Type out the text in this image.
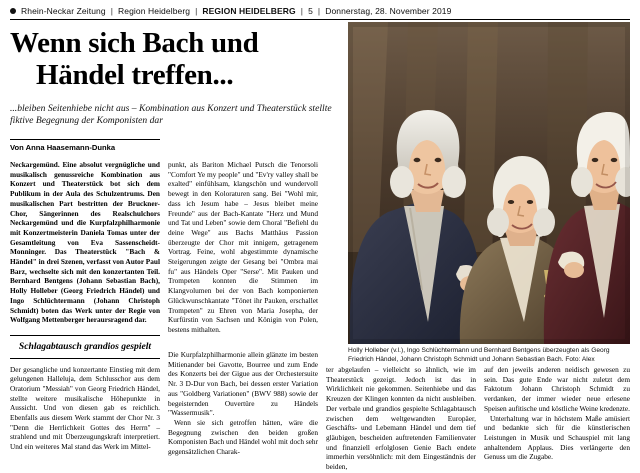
Rhein-Neckar Zeitung | Region Heidelberg | REGION HEIDELBERG | 5 | Donnerstag, 28. November 2019
Wenn sich Bach und
Händel treffen...
...bleiben Seitenhiebe nicht aus – Kombination aus Konzert und Theaterstück stellte fiktive Begegnung der Komponisten dar
Von Anna Haasemann-Dunka
Holly Holleber (v.l.), Ingo Schlüchtermann und Bernhard Bentgens überzeugten als Georg Friedrich Händel, Johann Christoph Schmidt und Johann Sebastian Bach. Foto: Alex

Neckargemünd. Eine absolut vergnügliche und musikalisch genussreiche Kombination aus Konzert und Theaterstück bot sich dem Publikum in der Aula des Schulzentrums. Den musikalischen Part bestritten der Bruckner-Chor, Sängerinnen des Realschulchors Neckargemünd und die Kurpfalzphilharmonie mit Konzertmeisterin Daniela Tomas unter der Gesamtleitung von Eva Sassenscheidt-Monninger. Das Theaterstück "Bach & Händel" in drei Szenen, verfasst von Autor Paul Barz, wechselte sich mit den konzertanten Teil. Bernhard Bentgens (Johann Sebastian Bach), Holly Holleber (Georg Friedrich Händel) und Ingo Schlüchtermann (Johann Christoph Schmidt) boten das Werk unter der Regie von Wolfgang Mettenberger heraursragend dar.

Schlagabtausch grandios gespielt

Der gesangliche und konzertante Einstieg mit dem gelungenen Halleluja, dem Schlusschor aus dem Oratorium "Messiah" von Georg Friedrich Händel, stellte weitere musikalische Höhepunkte in Aussicht. Und von diesen gab es reichlich. Ebenfalls aus diesem Werk stammt der Chor Nr. 3 "Denn die Herrlichkeit Gottes des Herrn" – strahlend und mit Überzeugungskraft interpretiert. Und ein weiteres Mal stand das Werk im Mittel-

punkt, als Bariton Michael Putsch die Tenorsoli "Comfort Ye my people" und "Ev'ry valley shall be exalted" einfühlsam, klangschön und wundervoll bewegt in den Koloraturen sang. Bei "Wohl mir, dass ich Jesum habe – Jesus bleibet meine Freunde" aus der Bach-Kantate "Herz und Mund und Tat und Leben" sowie dem Choral "Befiehl du deine Wege" aus Bachs Matthäus Passion überzeugte der Chor mit innigem, getragenem Vortrag. Feine, wohl abgestimmte dynamische Steigerungen zeigte der Gesang bei "Ombra mai fu" aus Händels Oper "Serse". Mit Pauken und Trompeten konnten die Stimmen im Klangvolumen bei der von Bach komponierten Glückwunschkantate "Tönet ihr Pauken, erschallet Trompeten" zu Ehren von Maria Josepha, der Kurfürstin von Sachsen und Königin von Polen, bestens mithalten.

Die Kurpfalzphilharmonie allein glänzte im besten Mitienander bei Gavotte, Bourree und zum Ende des Konzerts bei der Gigue aus der Orchestersuite Nr. 3 D-Dur von Bach, bei dessen erster Variation aus "Goldberg Variationen" (BWV 988) sowie der begeisternden Ouvertüre zu Händels "Wassermusik".

Wenn sie sich getroffen hätten, wäre die Begegnung zwischen den beiden großen Komponisten Bach und Händel wohl mit doch sehr gegensätzlichen Charak-

ter abgelaufen – vielleicht so ähnlich, wie im Theaterstück gezeigt. Jedoch ist das in Wirklichkeit nie gekommen. Seitenhiebe und das Kreuzen der Klingen konnten da nicht ausbleiben. Der verbale und grandios gespielte Schlagabtausch zwischen dem weltgewandten Europäer, Geschäfts- und Lebemann Händel und dem tief gläubigen, bescheiden auftretenden Familienvater und finanziell erfolglosen Genie Bach endete immerhin versöhnlich: mit dem Eingeständnis der beiden,

auf den jeweils anderen neidisch gewesen zu sein. Das gute Ende war nicht zuletzt dem Faktotum Johann Christoph Schmidt zu verdanken, der immer wieder neue erlesene Speisen aufitische und köstliche Weine kredenzte.

Unterhaltung war in höchstem Maße amüsiert und bedankte sich für die künstlerischen Leistungen in Musik und Schauspiel mit lang anhaltendem Applaus. Dies verlängerte den Genuss um die Zugabe.
